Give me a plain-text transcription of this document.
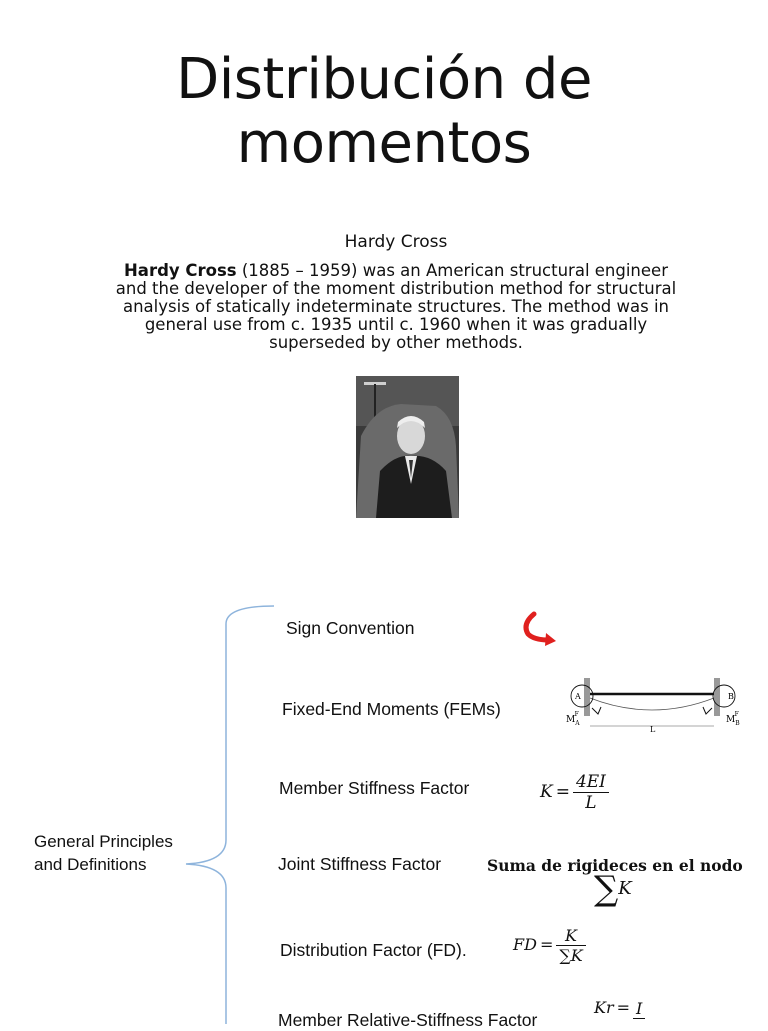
Distribución de
momentos
Hardy Cross
Hardy Cross (1885 – 1959) was an American structural engineer and the developer of the moment distribution method for structural analysis of statically indeterminate structures. The method was in general use from c. 1935 until c. 1960 when it was gradually superseded by other methods.
General Principles and Definitions
Sign Convention
Fixed-End Moments (FEMs)
A	B
$M_AF$
$M_BF$
L
Member Stiffness Factor	$K = \frac{4EI}{L}$
Joint Stiffness Factor	Suma de rigideces en el nodo
∑K
Distribution Factor (FD).	FD = $\frac{K}{\sum K}$
Member Relative-Stiffness Factor
Kr = I
